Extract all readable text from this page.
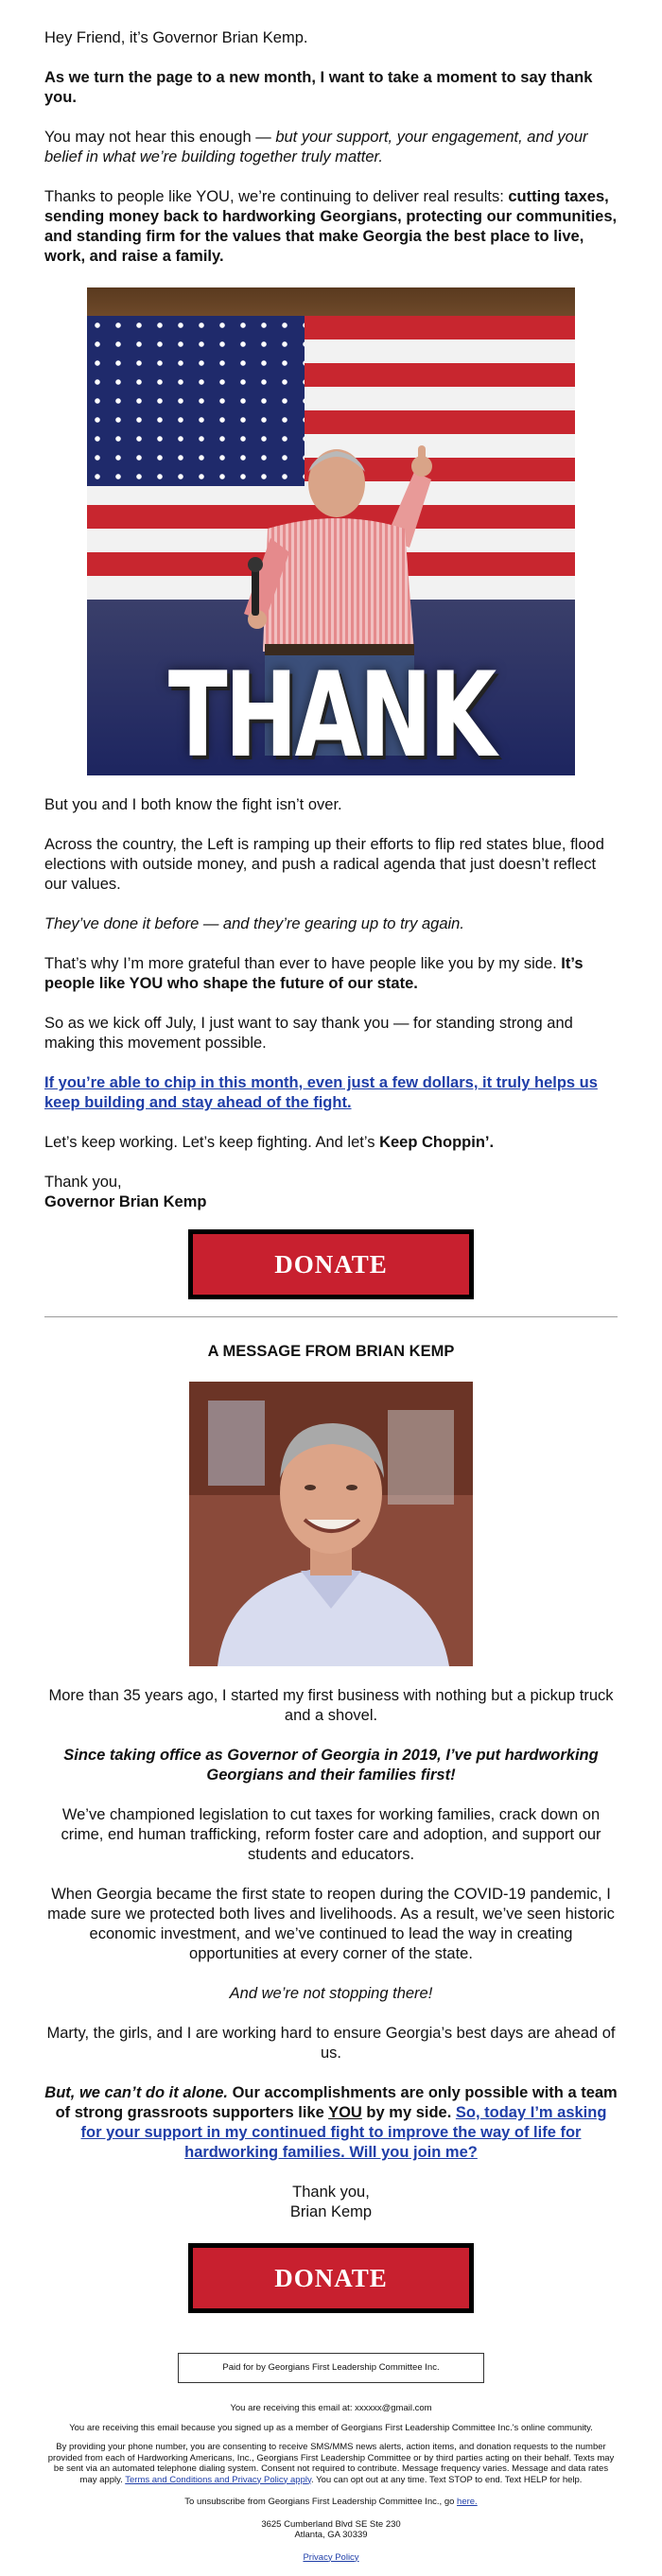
Hey Friend, it’s Governor Brian Kemp.

As we turn the page to a new month, I want to take a moment to say thank you.

You may not hear this enough — but your support, your engagement, and your belief in what we’re building together truly matter.

Thanks to people like YOU, we’re continuing to deliver real results: cutting taxes, sending money back to hardworking Georgians, protecting our communities, and standing firm for the values that make Georgia the best place to live, work, and raise a family.

THANK

But you and I both know the fight isn’t over.

Across the country, the Left is ramping up their efforts to flip red states blue, flood elections with outside money, and push a radical agenda that just doesn’t reflect our values.

They’ve done it before — and they’re gearing up to try again.

That’s why I’m more grateful than ever to have people like you by my side. It’s people like YOU who shape the future of our state.

So as we kick off July, I just want to say thank you — for standing strong and making this movement possible.

If you’re able to chip in this month, even just a few dollars, it truly helps us keep building and stay ahead of the fight.

Let’s keep working. Let’s keep fighting. And let’s Keep Choppin’.

Thank you,

Governor Brian Kemp

DONATE
A MESSAGE FROM BRIAN KEMP

More than 35 years ago, I started my first business with nothing but a pickup truck and a shovel.

Since taking office as Governor of Georgia in 2019, I’ve put hardworking Georgians and their families first!

We’ve championed legislation to cut taxes for working families, crack down on crime, end human trafficking, reform foster care and adoption, and support our students and educators.

When Georgia became the first state to reopen during the COVID-19 pandemic, I made sure we protected both lives and livelihoods. As a result, we’ve seen historic economic investment, and we’ve continued to lead the way in creating opportunities at every corner of the state.

And we’re not stopping there!

Marty, the girls, and I are working hard to ensure Georgia’s best days are ahead of us.

But, we can’t do it alone. Our accomplishments are only possible with a team of strong grassroots supporters like YOU by my side. So, today I’m asking for your support in my continued fight to improve the way of life for hardworking families. Will you join me?

Thank you,

Brian Kemp

DONATE
Paid for by Georgians First Leadership Committee Inc.
You are receiving this email at: xxxxxx@gmail.com
You are receiving this email because you signed up as a member of Georgians First Leadership Committee Inc.'s online community.
By providing your phone number, you are consenting to receive SMS/MMS news alerts, action items, and donation requests to the number provided from each of Hardworking Americans, Inc., Georgians First Leadership Committee or by third parties acting on their behalf. Texts may be sent via an automated telephone dialing system. Consent not required to contribute. Message frequency varies. Message and data rates may apply. Terms and Conditions and Privacy Policy apply. You can opt out at any time. Text STOP to end. Text HELP for help.
To unsubscribe from Georgians First Leadership Committee Inc., go here.
3625 Cumberland Blvd SE Ste 230
Atlanta, GA 30339
Privacy Policy
